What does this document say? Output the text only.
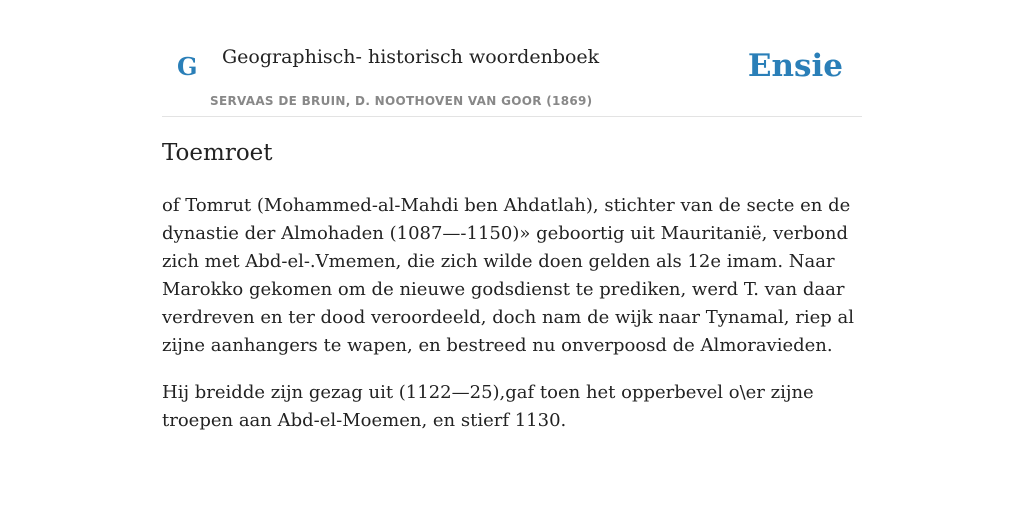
G Geographisch- historisch woordenboek
SERVAAS DE BRUIN, D. NOOTHOVEN VAN GOOR (1869)
Ensie
Toemroet

of Tomrut (Mohammed-al-Mahdi ben Ahdatlah), stichter van de secte en de dynastie der Almohaden (1087—-1150)» geboortig uit Mauritanië, verbond zich met Abd-el-.Vmemen, die zich wilde doen gelden als 12e imam. Naar Marokko gekomen om de nieuwe godsdienst te prediken, werd T. van daar verdreven en ter dood veroordeeld, doch nam de wijk naar Tynamal, riep al zijne aanhangers te wapen, en bestreed nu onverpoosd de Almoravieden.

Hij breidde zijn gezag uit (1122—25),gaf toen het opperbevel o\er zijne troepen aan Abd-el-Moemen, en stierf 1130.
